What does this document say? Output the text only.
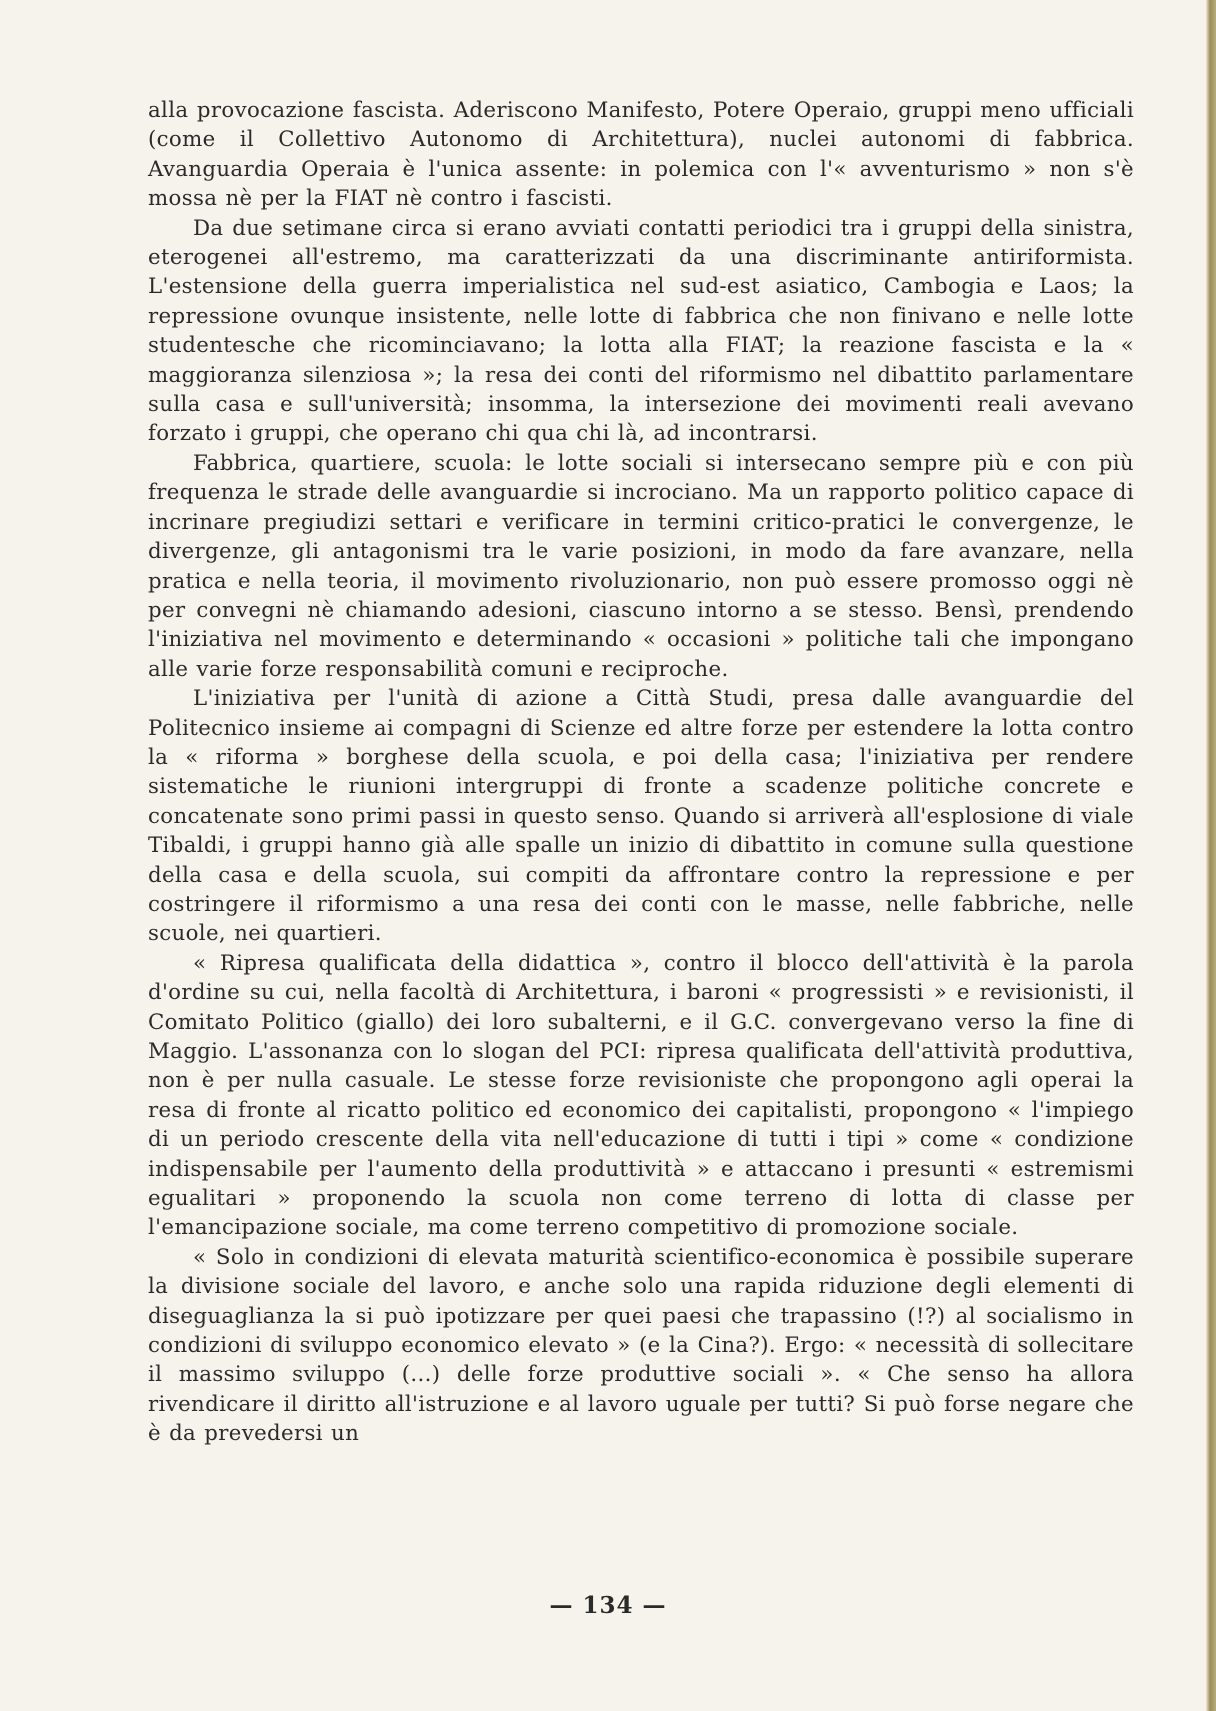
alla provocazione fascista. Aderiscono Manifesto, Potere Operaio, gruppi meno ufficiali (come il Collettivo Autonomo di Architettura), nuclei autonomi di fabbrica. Avanguardia Operaia è l'unica assente: in polemica con l'« avventurismo » non s'è mossa nè per la FIAT nè contro i fascisti.

Da due setimane circa si erano avviati contatti periodici tra i gruppi della sinistra, eterogenei all'estremo, ma caratterizzati da una discriminante antiriformista. L'estensione della guerra imperialistica nel sud-est asiatico, Cambogia e Laos; la repressione ovunque insistente, nelle lotte di fabbrica che non finivano e nelle lotte studentesche che ricominciavano; la lotta alla FIAT; la reazione fascista e la « maggioranza silenziosa »; la resa dei conti del riformismo nel dibattito parlamentare sulla casa e sull'università; insomma, la intersezione dei movimenti reali avevano forzato i gruppi, che operano chi qua chi là, ad incontrarsi.

Fabbrica, quartiere, scuola: le lotte sociali si intersecano sempre più e con più frequenza le strade delle avanguardie si incrociano. Ma un rapporto politico capace di incrinare pregiudizi settari e verificare in termini critico-pratici le convergenze, le divergenze, gli antagonismi tra le varie posizioni, in modo da fare avanzare, nella pratica e nella teoria, il movimento rivoluzionario, non può essere promosso oggi nè per convegni nè chiamando adesioni, ciascuno intorno a se stesso. Bensì, prendendo l'iniziativa nel movimento e determinando « occasioni » politiche tali che impongano alle varie forze responsabilità comuni e reciproche.

L'iniziativa per l'unità di azione a Città Studi, presa dalle avanguardie del Politecnico insieme ai compagni di Scienze ed altre forze per estendere la lotta contro la « riforma » borghese della scuola, e poi della casa; l'iniziativa per rendere sistematiche le riunioni intergruppi di fronte a scadenze politiche concrete e concatenate sono primi passi in questo senso. Quando si arriverà all'esplosione di viale Tibaldi, i gruppi hanno già alle spalle un inizio di dibattito in comune sulla questione della casa e della scuola, sui compiti da affrontare contro la repressione e per costringere il riformismo a una resa dei conti con le masse, nelle fabbriche, nelle scuole, nei quartieri.

« Ripresa qualificata della didattica », contro il blocco dell'attività è la parola d'ordine su cui, nella facoltà di Architettura, i baroni « progressisti » e revisionisti, il Comitato Politico (giallo) dei loro subalterni, e il G.C. convergevano verso la fine di Maggio. L'assonanza con lo slogan del PCI: ripresa qualificata dell'attività produttiva, non è per nulla casuale. Le stesse forze revisioniste che propongono agli operai la resa di fronte al ricatto politico ed economico dei capitalisti, propongono « l'impiego di un periodo crescente della vita nell'educazione di tutti i tipi » come « condizione indispensabile per l'aumento della produttività » e attaccano i presunti « estremismi egualitari » proponendo la scuola non come terreno di lotta di classe per l'emancipazione sociale, ma come terreno competitivo di promozione sociale.

« Solo in condizioni di elevata maturità scientifico-economica è possibile superare la divisione sociale del lavoro, e anche solo una rapida riduzione degli elementi di diseguaglianza la si può ipotizzare per quei paesi che trapassino (!?) al socialismo in condizioni di sviluppo economico elevato » (e la Cina?). Ergo: « necessità di sollecitare il massimo sviluppo (...) delle forze produttive sociali ». « Che senso ha allora rivendicare il diritto all'istruzione e al lavoro uguale per tutti? Si può forse negare che è da prevedersi un

— 134 —
